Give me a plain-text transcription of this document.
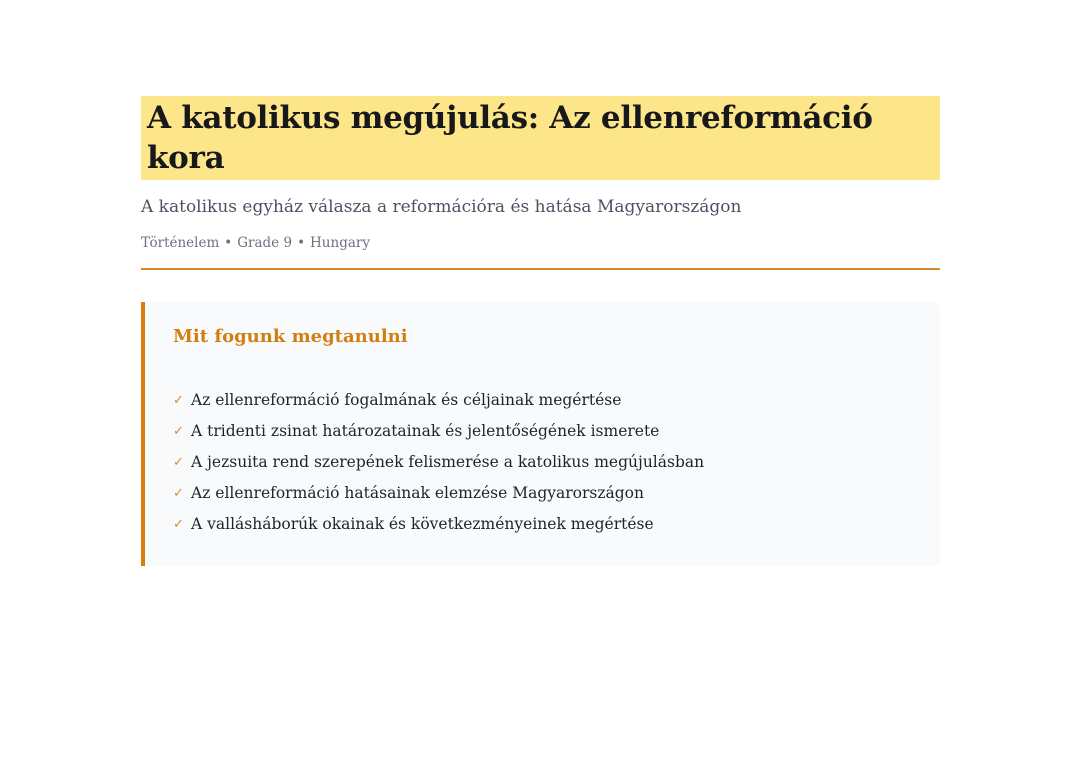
A katolikus megújulás: Az ellenreformáció kora

A katolikus egyház válasza a reformációra és hatása Magyarországon

Történelem • Grade 9 • Hungary

Mit fogunk megtanulni
✓ Az ellenreformáció fogalmának és céljainak megértése
✓ A tridenti zsinat határozatainak és jelentőségének ismerete
✓ A jezsuita rend szerepének felismerése a katolikus megújulásban
✓ Az ellenreformáció hatásainak elemzése Magyarországon
✓ A vallásháborúk okainak és következményeinek megértése
